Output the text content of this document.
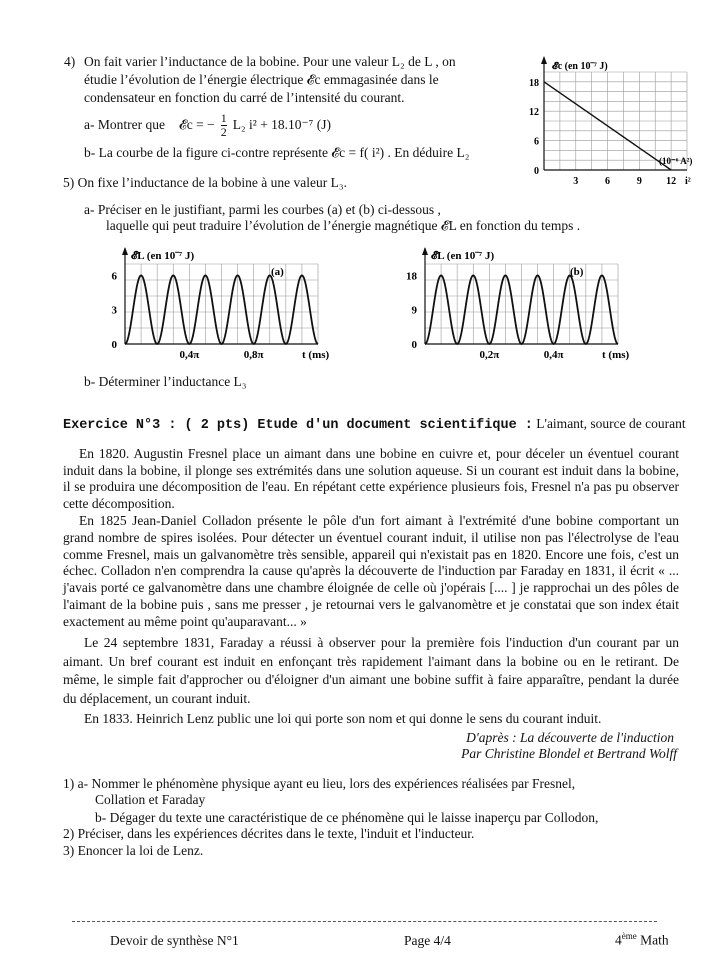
4) On fait varier l’inductance de la bobine. Pour une valeur L₂ de L , on
étudie l’évolution de l’énergie électrique 𝓔c emmagasinée dans le
condensateur en fonction du carré de l’intensité du courant.
a- Montrer que 𝓔c = − $\frac{1}{2} L_2$ i² + 18.10⁻⁷ (J)
b- La courbe de la figure ci-contre représente 𝓔c = f( i²) . En déduire L₂
𝓔c (en 10⁻⁷ J)
18
12
6
0
3	6	9 12
(10⁻⁶ A²)
i²
5) On fixe l’inductance de la bobine à une valeur L₃.
a- Préciser en le justifiant, parmi les courbes (a) et (b) ci-dessous ,
laquelle qui peut traduire l’évolution de l’énergie magnétique 𝓔L en fonction du temps .
𝓔L (en 10⁻⁷ J)
(a)
6
3
0
0,4π	0,8π	t (ms)
𝓔L (en 10⁻⁷ J)
(b)
18
9
0
0,2π	0,4π	t (ms)
b- Déterminer l’inductance L₃
Exercice N°3 : ( 2 pts) Etude d'un document scientifique : L'aimant, source de courant
En 1820. Augustin Fresnel place un aimant dans une bobine en cuivre et, pour déceler un éventuel courant induit dans la bobine, il plonge ses extrémités dans une solution aqueuse. Si un courant est induit dans la bobine, il se produira une décomposition de l'eau. En répétant cette expérience plusieurs fois, Fresnel n'a pas pu observer cette décomposition.
En 1825 Jean-Daniel Colladon présente le pôle d'un fort aimant à l'extrémité d'une bobine comportant un grand nombre de spires isolées. Pour détecter un éventuel courant induit, il utilise non pas l'électrolyse de l'eau comme Fresnel, mais un galvanomètre très sensible, appareil qui n'existait pas en 1820. Encore une fois, c'est un échec. Colladon n'en comprendra la cause qu'après la découverte de l'induction par Faraday en 1831, il écrit « ... j'avais porté ce galvanomètre dans une chambre éloignée de celle où j'opérais [.... ] je rapprochai un des pôles de l'aimant de la bobine puis , sans me presser , je retournai vers le galvanomètre et je constatai que son index était exactement au même point qu'auparavant... »
Le 24 septembre 1831, Faraday a réussi à observer pour la première fois l'induction d'un courant par un aimant. Un bref courant est induit en enfonçant très rapidement l'aimant dans la bobine ou en le retirant. De même, le simple fait d'approcher ou d'éloigner d'un aimant une bobine suffit à faire apparaître, pendant la durée du déplacement, un courant induit.
En 1833. Heinrich Lenz public une loi qui porte son nom et qui donne le sens du courant induit.
D'après : La découverte de l'induction
Par Christine Blondel et Bertrand Wolff
1) a- Nommer le phénomène physique ayant eu lieu, lors des expériences réalisées par Fresnel,
Collation et Faraday
b- Dégager du texte une caractéristique de ce phénomène qui le laisse inaperçu par Collodon,
2) Préciser, dans les expériences décrites dans le texte, l'induit et l'inducteur.
3) Enoncer la loi de Lenz.
Devoir de synthèse N°1	Page 4/4	4ème Math
